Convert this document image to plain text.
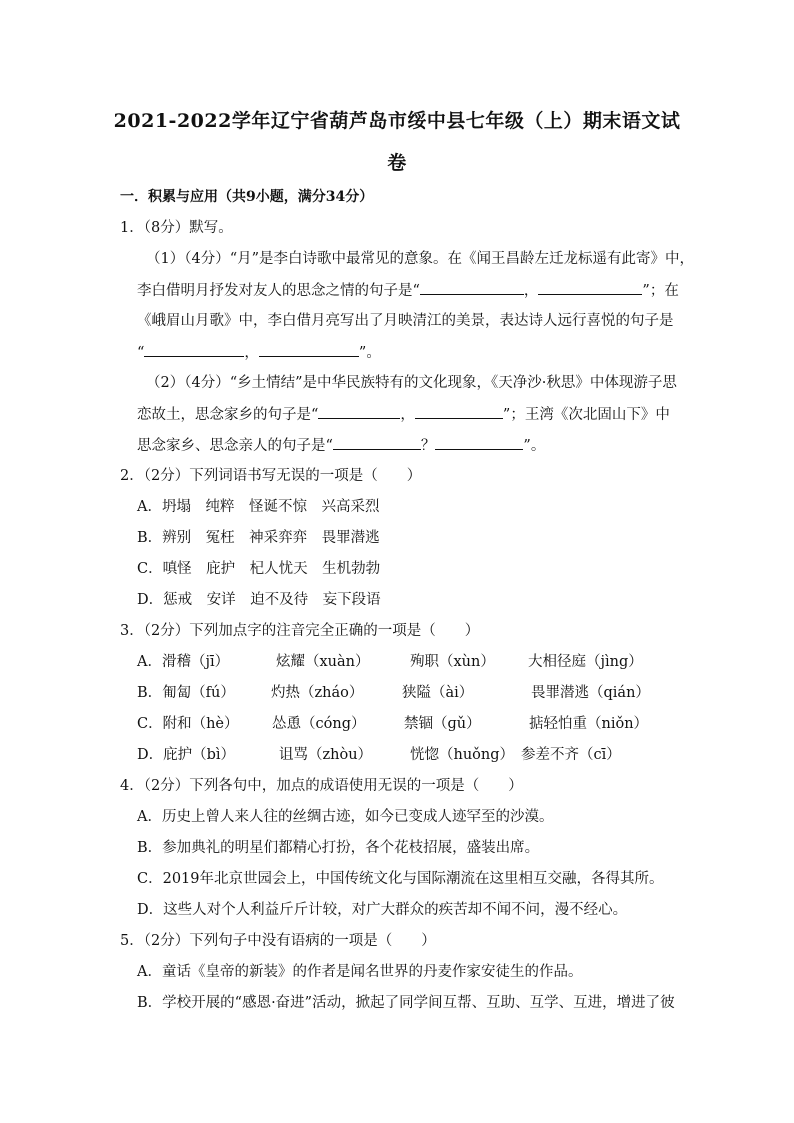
2021-2022学年辽宁省葫芦岛市绥中县七年级（上）期末语文试
卷

一．积累与应用（共9小题，满分34分）

1．（8分）默写。

（1）（4分）“月”是李白诗歌中最常见的意象。在《闻王昌龄左迁龙标遥有此寄》中，

李白借明月抒发对友人的思念之情的句子是“	，	”；在

《峨眉山月歌》中，李白借月亮写出了月映清江的美景，表达诗人远行喜悦的句子是

“	，	”。

（2）（4分）“乡土情结”是中华民族特有的文化现象，《天净沙·秋思》中体现游子思

恋故土，思念家乡的句子是“	，	”；王湾《次北固山下》中

思念家乡、思念亲人的句子是“	？	”。

2．（2分）下列词语书写无误的一项是（　　）

A．坍塌　纯粹　怪诞不惊　兴高采烈

B．辨别　冤枉　神采弈弈　畏罪潜逃

C．嗔怪　庇护　杞人忧天　生机勃勃

D．惩戒　安详　迫不及待　妄下段语

3．（2分）下列加点字的注音完全正确的一项是（　　）

A．滑稽（jī）	炫耀（xuàn）	殉职（xùn） 大相径庭（jìng）
B．匍匐（fú） 灼热（zháo）	狭隘（ài）	畏罪潜逃（qián）
C．附和（hè） 怂恿（cóng）	禁锢（ɡǔ）	掂轻怕重（niǒn）
D．庇护（bì）	诅骂（zhòu）	恍惚（huǒng） 参差不齐（cī）

4．（2分）下列各句中，加点的成语使用无误的一项是（　　）

A．历史上曾人来人往的丝绸古迹，如今已变成人迹罕至的沙漠。

B．参加典礼的明星们都精心打扮，各个花枝招展，盛装出席。

C．2019年北京世园会上，中国传统文化与国际潮流在这里相互交融，各得其所。

D．这些人对个人利益斤斤计较，对广大群众的疾苦却不闻不问，漫不经心。

5．（2分）下列句子中没有语病的一项是（　　）

A．童话《皇帝的新装》的作者是闻名世界的丹麦作家安徒生的作品。

B．学校开展的“感恩·奋进”活动，掀起了同学间互帮、互助、互学、互进，增进了彼
